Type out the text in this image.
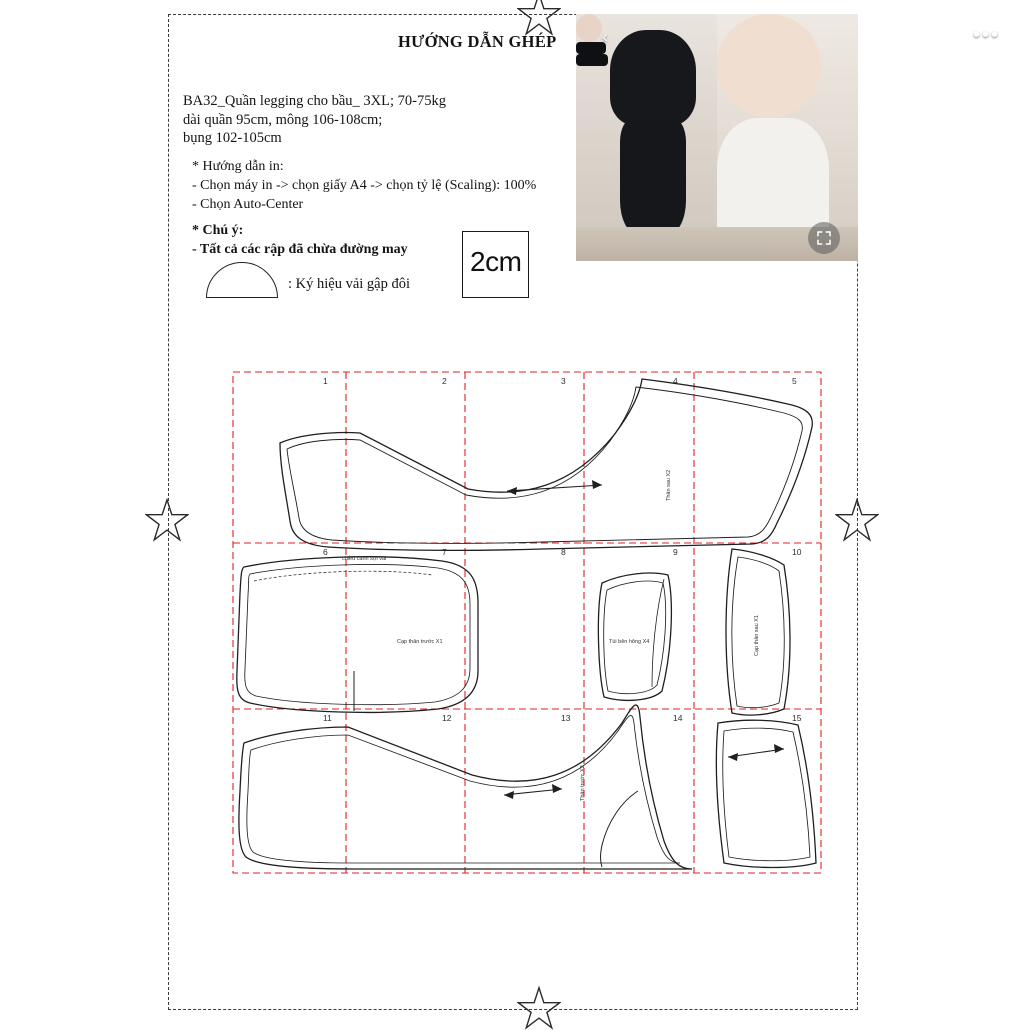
HƯỚNG DẪN GHÉP
BA32_Quần legging cho bầu_ 3XL; 70-75kg
dài quần 95cm, mông 106-108cm;
bụng 102-105cm
* Hướng dẫn in:
- Chọn máy in -> chọn giấy A4 -> chọn tỷ lệ (Scaling): 100%
- Chọn Auto-Center
* Chú ý:
- Tất cả các rập đã chừa đường may
: Ký hiệu vải gập đôi
2cm
‹	•••
1	2	3	4	5
6	7	8	9	10
11	12	13	14	15
Thân sau X2
chiều canh sợi vải
Cạp thân trước X1	Túi bên hông X4	Cạp thân sau X1
Thân trước X2
